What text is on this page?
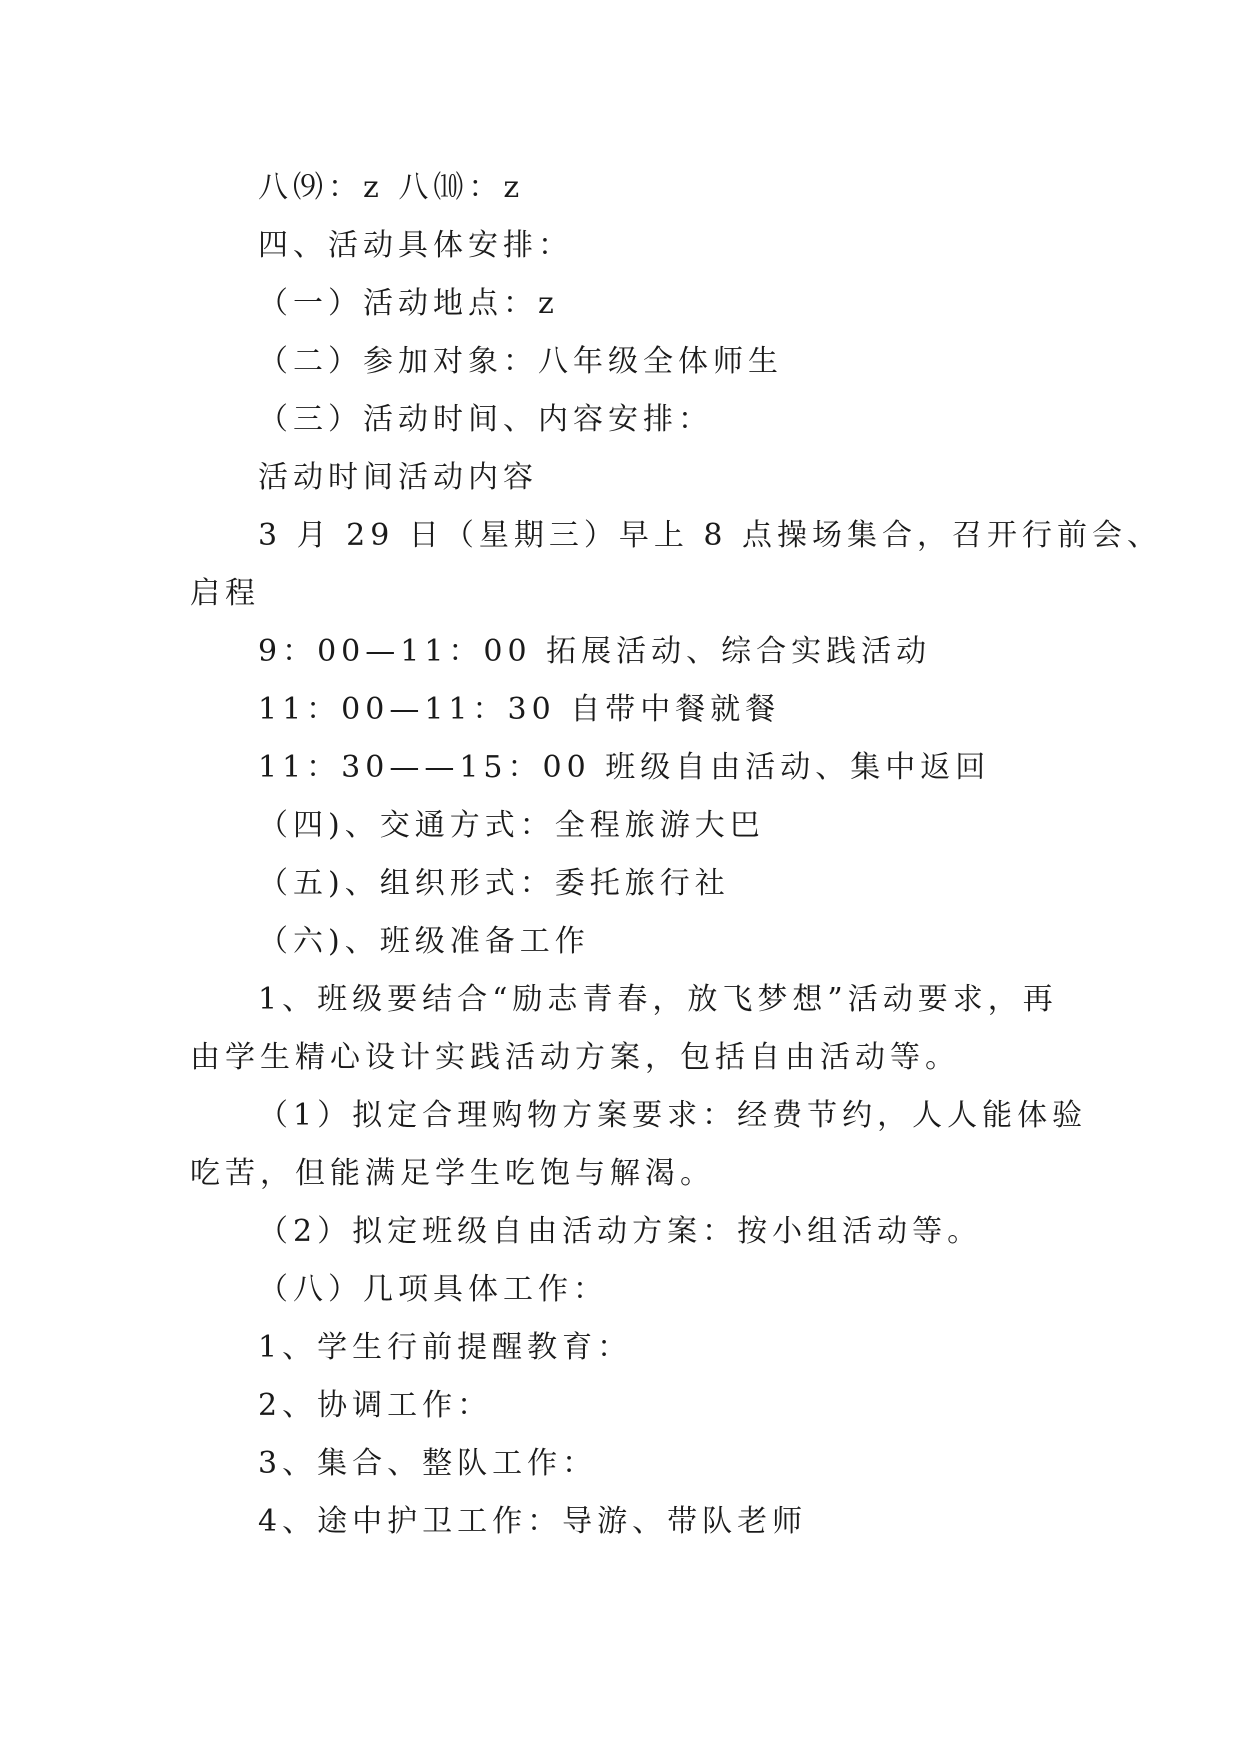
八⑼：z 八⑽：z
四、活动具体安排：
（一）活动地点：z
（二）参加对象：八年级全体师生
（三）活动时间、内容安排：
活动时间活动内容
3 月 29 日（星期三）早上 8 点操场集合，召开行前会、
启程
9：00—11：00 拓展活动、综合实践活动
11：00—11：30 自带中餐就餐
11：30——15：00 班级自由活动、集中返回
（四)、交通方式：全程旅游大巴
（五)、组织形式：委托旅行社
（六)、班级准备工作
1、班级要结合“励志青春，放飞梦想”活动要求，再
由学生精心设计实践活动方案，包括自由活动等。
（1）拟定合理购物方案要求：经费节约，人人能体验
吃苦，但能满足学生吃饱与解渴。
（2）拟定班级自由活动方案：按小组活动等。
（八）几项具体工作：
1、学生行前提醒教育：
2、协调工作：
3、集合、整队工作：
4、途中护卫工作：导游、带队老师
